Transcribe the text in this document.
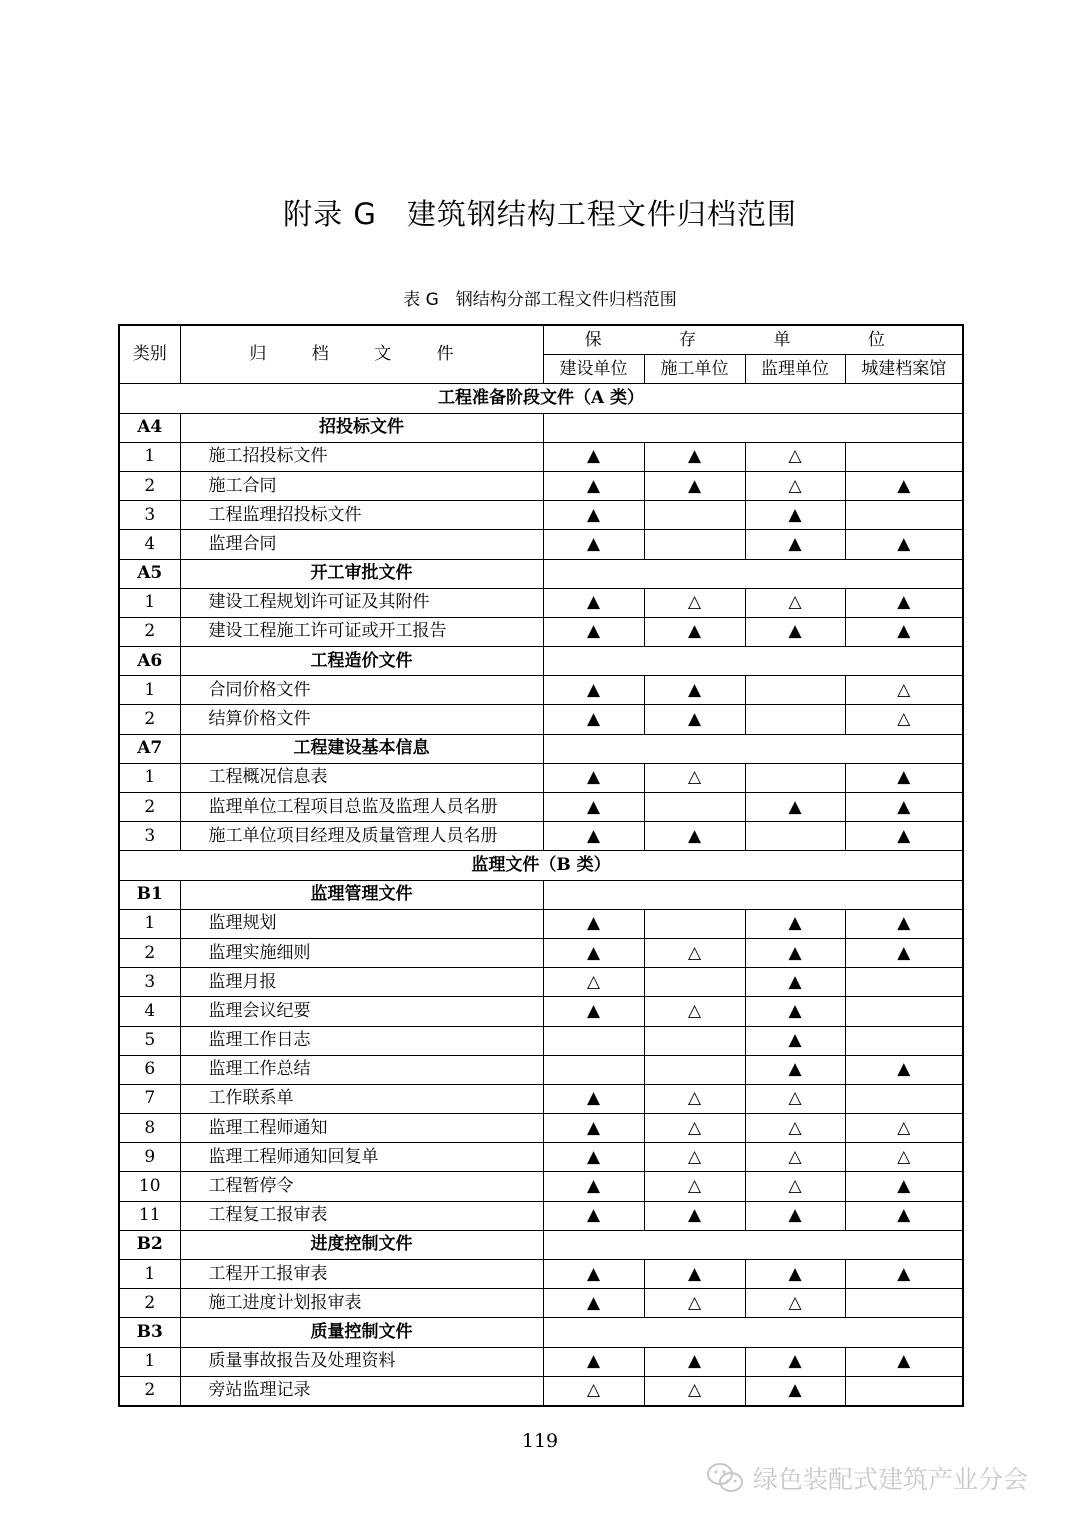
附录 G　建筑钢结构工程文件归档范围
表 G　钢结构分部工程文件归档范围
类别	归 档 文 件	保 存 单 位			
		建设单位	施工单位	监理单位	城建档案馆
工程准备阶段文件（A 类）					
A4	招投标文件				
1	施工招投标文件	▲	▲	△	
2	施工合同	▲	▲	△	▲
3	工程监理招投标文件	▲		▲	
4	监理合同	▲		▲	▲
A5	开工审批文件				
1	建设工程规划许可证及其附件	▲	△	△	▲
2	建设工程施工许可证或开工报告	▲	▲	▲	▲
A6	工程造价文件				
1	合同价格文件	▲	▲		△
2	结算价格文件	▲	▲		△
A7	工程建设基本信息				
1	工程概况信息表	▲	△		▲
2	监理单位工程项目总监及监理人员名册	▲		▲	▲
3	施工单位项目经理及质量管理人员名册	▲	▲		▲
监理文件（B 类）					
B1	监理管理文件				
1	监理规划	▲		▲	▲
2	监理实施细则	▲	△	▲	▲
3	监理月报	△		▲	
4	监理会议纪要	▲	△	▲	
5	监理工作日志			▲	
6	监理工作总结			▲	▲
7	工作联系单	▲	△	△	
8	监理工程师通知	▲	△	△	△
9	监理工程师通知回复单	▲	△	△	△
10	工程暂停令	▲	△	△	▲
11	工程复工报审表	▲	▲	▲	▲
B2	进度控制文件				
1	工程开工报审表	▲	▲	▲	▲
2	施工进度计划报审表	▲	△	△	
B3	质量控制文件				
1	质量事故报告及处理资料	▲	▲	▲	▲
2	旁站监理记录	△	△	▲	
119
绿色装配式建筑产业分会
